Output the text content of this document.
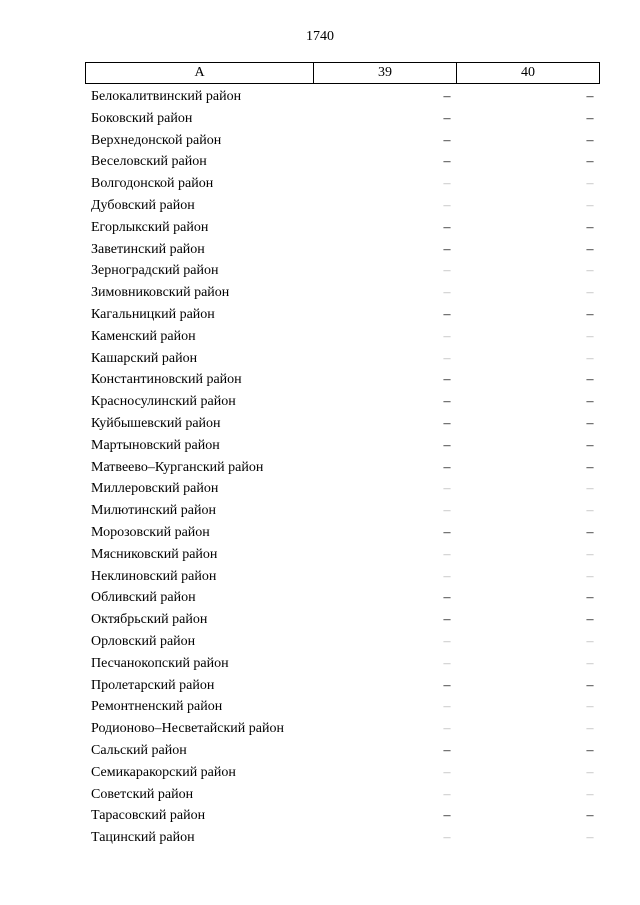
1740
А	39	40
Белокалитвинский район	–	–
Боковский район	–	–
Верхнедонской район	–	–
Веселовский район	–	–
Волгодонской район	–	–
Дубовский район	–	–
Егорлыкский район	–	–
Заветинский район	–	–
Зерноградский район	–	–
Зимовниковский район	–	–
Кагальницкий район	–	–
Каменский район	–	–
Кашарский район	–	–
Константиновский район	–	–
Красносулинский район	–	–
Куйбышевский район	–	–
Мартыновский район	–	–
Матвеево–Курганский район	–	–
Миллеровский район	–	–
Милютинский район	–	–
Морозовский район	–	–
Мясниковский район	–	–
Неклиновский район	–	–
Обливский район	–	–
Октябрьский район	–	–
Орловский район	–	–
Песчанокопский район	–	–
Пролетарский район	–	–
Ремонтненский район	–	–
Родионово–Несветайский район	–	–
Сальский район	–	–
Семикаракорский район	–	–
Советский район	–	–
Тарасовский район	–	–
Тацинский район	–	–
